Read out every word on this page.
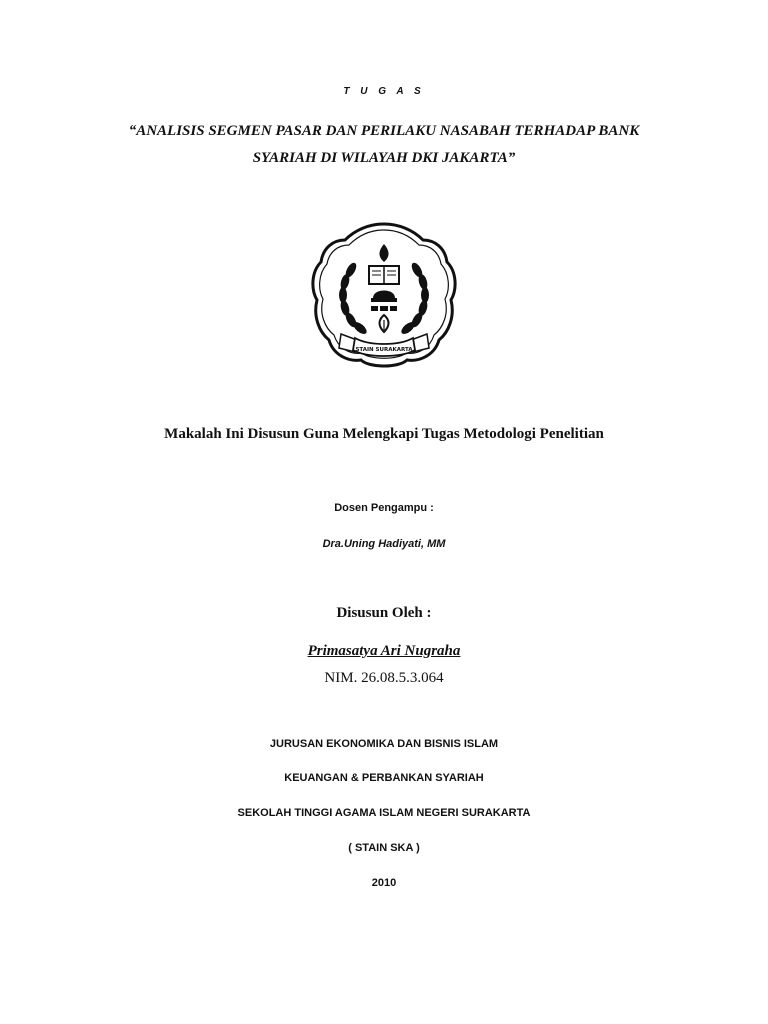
T U G A S
“ANALISIS SEGMEN PASAR DAN PERILAKU NASABAH TERHADAP BANK
SYARIAH DI WILAYAH DKI JAKARTA”
STAIN SURAKARTA
Makalah Ini Disusun Guna Melengkapi Tugas Metodologi Penelitian
Dosen Pengampu :
Dra.Uning Hadiyati, MM
Disusun Oleh :
Primasatya Ari Nugraha
NIM. 26.08.5.3.064
JURUSAN EKONOMIKA DAN BISNIS ISLAM
KEUANGAN & PERBANKAN SYARIAH
SEKOLAH TINGGI AGAMA ISLAM NEGERI SURAKARTA
( STAIN SKA )
2010
